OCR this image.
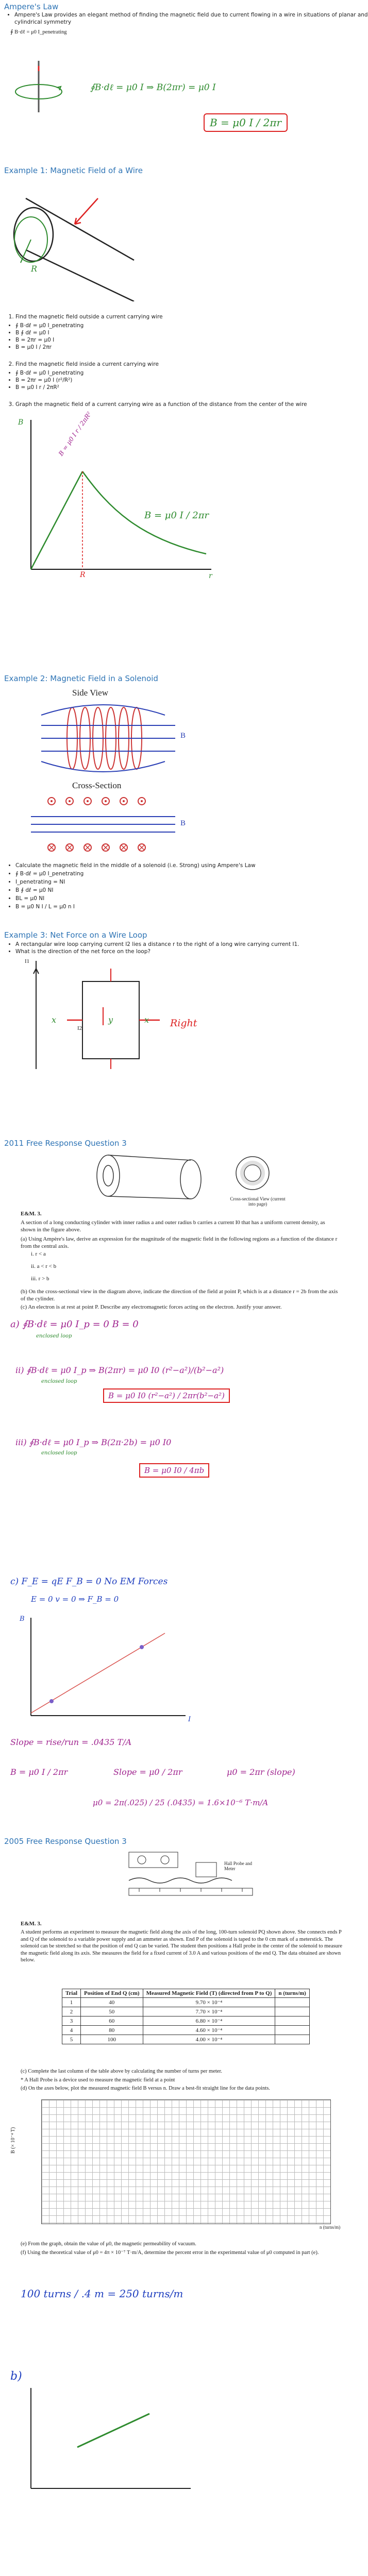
Ampere's Law
• Ampere's Law provides an elegant method of finding the magnetic field due to current flowing in a wire in situations of planar and cylindrical symmetry
∮ B·dℓ = μ0 I_penetrating
∮B·dℓ = μ0 I ⇒ B(2πr) = μ0 I
B = μ0 I / 2πr
Example 1: Magnetic Field of a Wire
R
1. Find the magnetic field outside a current carrying wire
• ∮ B·dℓ = μ0 I_penetrating
• B ∮ dℓ = μ0 I
• B = 2πr = μ0 I
• B = μ0 I / 2πr
2. Find the magnetic field inside a current carrying wire
• ∮ B·dℓ = μ0 I_penetrating
• B = 2πr = μ0 I (r²/R²)
• B = μ0 I r / 2πR²
3. Graph the magnetic field of a current carrying wire as a function of the distance from the center of the wire
B = μ0 I r / 2πR²
B = μ0 I / 2πr
B
r
R
Example 2: Magnetic Field in a Solenoid
Side View
B
Cross-Section
B
• Calculate the magnetic field in the middle of a solenoid (i.e. Strong) using Ampere's Law
• ∮ B·dℓ = μ0 I_penetrating
• I_penetrating = NI
• B ∮ dℓ = μ0 NI
• BL = μ0 NI
• B = μ0 N I / L = μ0 n I
Example 3: Net Force on a Wire Loop
• A rectangular wire loop carrying current I2 lies a distance r to the right of a long wire carrying current I1.
• What is the direction of the net force on the loop?
I1
I2
x	x
y	Right
2011 Free Response Question 3
Cross-sectional View (current into page)
E&M. 3.
A section of a long conducting cylinder with inner radius a and outer radius b carries a current I0 that has a uniform current density, as shown in the figure above.
(a) Using Ampère's law, derive an expression for the magnitude of the magnetic field in the following regions as a function of the distance r from the central axis.
i. r < a
ii. a < r < b
iii. r > b
(b) On the cross-sectional view in the diagram above, indicate the direction of the field at point P, which is at a distance r = 2b from the axis of the cylinder.
(c) An electron is at rest at point P. Describe any electromagnetic forces acting on the electron. Justify your answer.
a) ∮B·dℓ = μ0 I_p = 0 B = 0
enclosed loop
ii) ∮B·dℓ = μ0 I_p ⇒ B(2πr) = μ0 I0 (r²−a²)/(b²−a²)
enclosed loop
B = μ0 I0 (r²−a²) / 2πr(b²−a²)
iii) ∮B·dℓ = μ0 I_p ⇒ B(2π·2b) = μ0 I0
enclosed loop
B = μ0 I0 / 4πb
c) F_E = qE F_B = 0 No EM Forces
E = 0 v = 0 ⇒ F_B = 0
B
I
Slope = rise/run = .0435 T/A
B = μ0 I / 2πr	Slope = μ0 / 2πr	μ0 = 2πr (slope)
μ0 = 2π(.025) / 25 (.0435) = 1.6×10⁻⁶ T·m/A
2005 Free Response Question 3
Hall Probe and Meter
E&M. 3.
A student performs an experiment to measure the magnetic field along the axis of the long, 100-turn solenoid PQ shown above. She connects ends P and Q of the solenoid to a variable power supply and an ammeter as shown. End P of the solenoid is taped to the 0 cm mark of a meterstick. The solenoid can be stretched so that the position of end Q can be varied. The student then positions a Hall probe in the center of the solenoid to measure the magnetic field along its axis. She measures the field for a fixed current of 3.0 A and various positions of the end Q. The data obtained are shown below.
Trial	Position of End Q (cm)	Measured Magnetic Field (T) (directed from P to Q)	n (turns/m)
1	40	9.70 × 10⁻⁴	
2	50	7.70 × 10⁻⁴	
3	60	6.80 × 10⁻⁴	
4	80	4.60 × 10⁻⁴	
5	100	4.00 × 10⁻⁴	
(c) Complete the last column of the table above by calculating the number of turns per meter.
* A Hall Probe is a device used to measure the magnetic field at a point
(d) On the axes below, plot the measured magnetic field B versus n. Draw a best-fit straight line for the data points.
B (× 10⁻⁴ T)
n (turns/m)
(e) From the graph, obtain the value of μ0, the magnetic permeability of vacuum.
(f) Using the theoretical value of μ0 = 4π × 10⁻⁷ T·m/A, determine the percent error in the experimental value of μ0 computed in part (e).
100 turns / .4 m = 250 turns/m
b)
